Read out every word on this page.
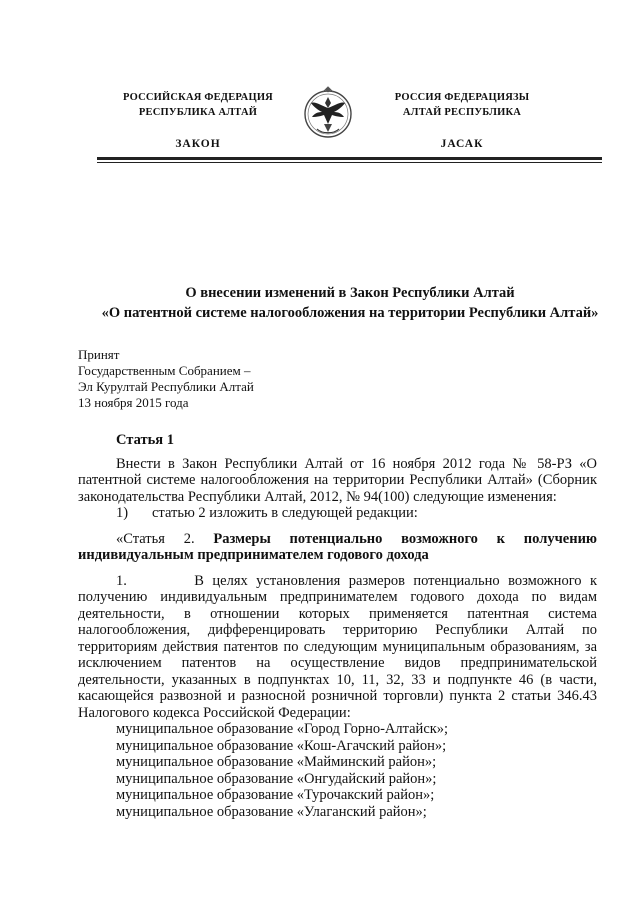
РОССИЙСКАЯ ФЕДЕРАЦИЯ
РЕСПУБЛИКА АЛТАЙ
ЗАКОН
РОССИЯ ФЕДЕРАЦИЯЗЫ
АЛТАЙ РЕСПУБЛИКА
JАСАК
О внесении изменений в Закон Республики Алтай
«О патентной системе налогообложения на территории Республики Алтай»
Принят
Государственным Собранием –
Эл Курултай Республики Алтай
13 ноября 2015 года

Статья 1

Внести в Закон Республики Алтай от 16 ноября 2012 года № 58-РЗ «О патентной системе налогообложения на территории Республики Алтай» (Сборник законодательства Республики Алтай, 2012, № 94(100) следующие изменения:

1)	статью 2 изложить в следующей редакции:

«Статья 2. Размеры потенциально возможного к получению индивидуальным предпринимателем годового дохода

1.	В целях установления размеров потенциально возможного к получению индивидуальным предпринимателем годового дохода по видам деятельности, в отношении которых применяется патентная система налогообложения, дифференцировать территорию Республики Алтай по территориям действия патентов по следующим муниципальным образованиям, за исключением патентов на осуществление видов предпринимательской деятельности, указанных в подпунктах 10, 11, 32, 33 и подпункте 46 (в части, касающейся развозной и разносной розничной торговли) пункта 2 статьи 346.43 Налогового кодекса Российской Федерации:

муниципальное образование «Город Горно-Алтайск»;
муниципальное образование «Кош-Агачский район»;
муниципальное образование «Майминский район»;
муниципальное образование «Онгудайский район»;
муниципальное образование «Турочакский район»;
муниципальное образование «Улаганский район»;
